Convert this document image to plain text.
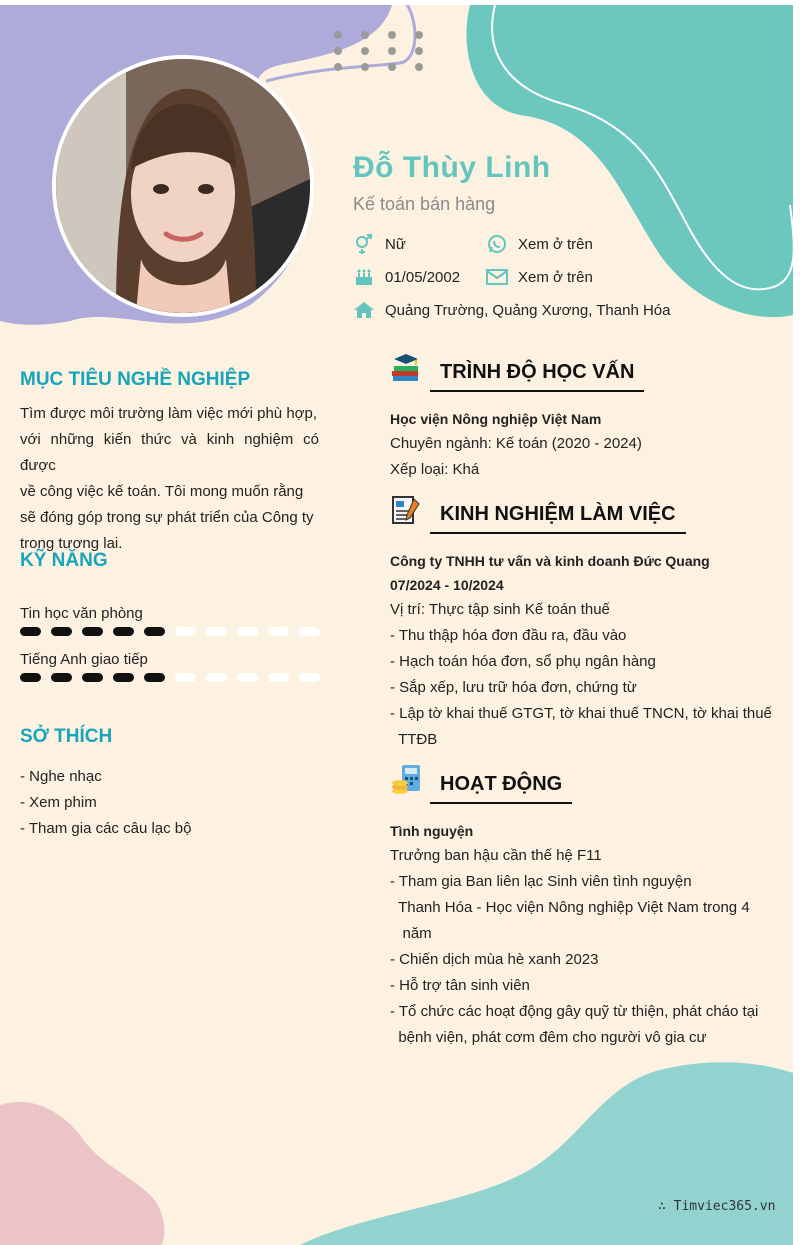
Đỗ Thùy Linh
Kế toán bán hàng
Nữ	Xem ở trên
01/05/2002	Xem ở trên
Quảng Trường, Quảng Xương, Thanh Hóa
MỤC TIÊU NGHỀ NGHIỆP
Tìm được môi trường làm việc mới phù hợp,
với những kiến thức và kinh nghiệm có được
về công việc kế toán. Tôi mong muốn rằng
sẽ đóng góp trong sự phát triển của Công ty
trong tương lai.
KỸ NĂNG
Tin học văn phòng
Tiếng Anh giao tiếp
SỞ THÍCH
- Nghe nhạc
- Xem phim
- Tham gia các câu lạc bộ
TRÌNH ĐỘ HỌC VẤN
Học viện Nông nghiệp Việt Nam
Chuyên ngành: Kế toán (2020 - 2024)
Xếp loại: Khá
KINH NGHIỆM LÀM VIỆC
Công ty TNHH tư vấn và kinh doanh Đức Quang
07/2024 - 10/2024
Vị trí: Thực tập sinh Kế toán thuế
- Thu thập hóa đơn đầu ra, đầu vào
- Hạch toán hóa đơn, sổ phụ ngân hàng
- Sắp xếp, lưu trữ hóa đơn, chứng từ
- Lập tờ khai thuế GTGT, tờ khai thuế TNCN, tờ khai thuế
TTĐB
HOẠT ĐỘNG
Tình nguyện
Trưởng ban hậu cần thế hệ F11
- Tham gia Ban liên lạc Sinh viên tình nguyện
Thanh Hóa - Học viện Nông nghiệp Việt Nam trong 4
năm
- Chiến dịch mùa hè xanh 2023
- Hỗ trợ tân sinh viên
- Tổ chức các hoạt động gây quỹ từ thiện, phát cháo tại
bệnh viện, phát cơm đêm cho người vô gia cư
∴ Timviec365.vn
